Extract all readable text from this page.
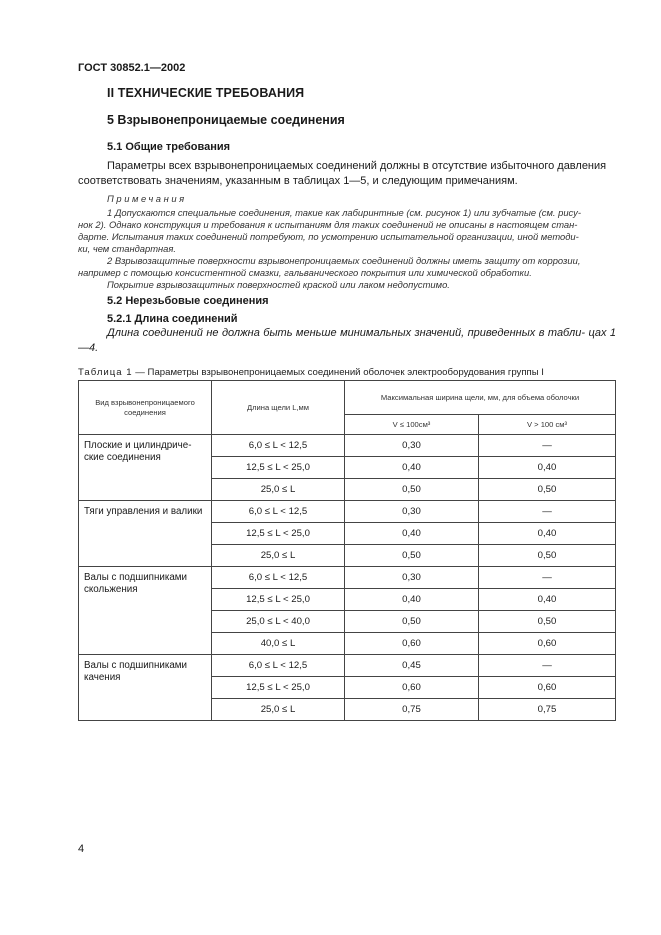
ГОСТ 30852.1—2002
II ТЕХНИЧЕСКИЕ ТРЕБОВАНИЯ
5 Взрывонепроницаемые соединения
5.1 Общие требования
Параметры всех взрывонепроницаемых соединений должны в отсутствие избыточного давления
соответствовать значениям, указанным в таблицах 1—5, и следующим примечаниям.
Примечания

1 Допускаются специальные соединения, такие как лабиринтные (см. рисунок 1) или зубчатые (см. рису-

нок 2). Однако конструкция и требования к испытаниям для таких соединений не описаны в настоящем стан-

дарте. Испытания таких соединений потребуют, по усмотрению испытательной организации, иной методи-

ки, чем стандартная.

2 Взрывозащитные поверхности взрывонепроницаемых соединений должны иметь защиту от коррозии,

например с помощью консистентной смазки, гальванического покрытия или химической обработки.

Покрытие взрывозащитных поверхностей краской или лаком недопустимо.

5.2 Нерезьбовые соединения
5.2.1 Длина соединений
Длина соединений не должна быть меньше минимальных значений, приведенных в табли- цах 1—4.
Таблица 1 — Параметры взрывонепроницаемых соединений оболочек электрооборудования группы I
Вид взрывонепроницаемого соединения	Длина щели L,мм	Максимальная ширина щели, мм, для объема оболочки	
		V ≤ 100см³	V > 100 см³
Плоские и цилиндриче-ские соединения	6,0 ≤ L < 12,5	0,30	—
	12,5 ≤ L < 25,0	0,40	0,40
	25,0 ≤ L	0,50	0,50
Тяги управления и валики	6,0 ≤ L < 12,5	0,30	—
	12,5 ≤ L < 25,0	0,40	0,40
	25,0 ≤ L	0,50	0,50
Валы с подшипниками скольжения	6,0 ≤ L < 12,5	0,30	—
	12,5 ≤ L < 25,0	0,40	0,40
	25,0 ≤ L < 40,0	0,50	0,50
	40,0 ≤ L	0,60	0,60
Валы с подшипниками качения	6,0 ≤ L < 12,5	0,45	—
	12,5 ≤ L < 25,0	0,60	0,60
	25,0 ≤ L	0,75	0,75
4
